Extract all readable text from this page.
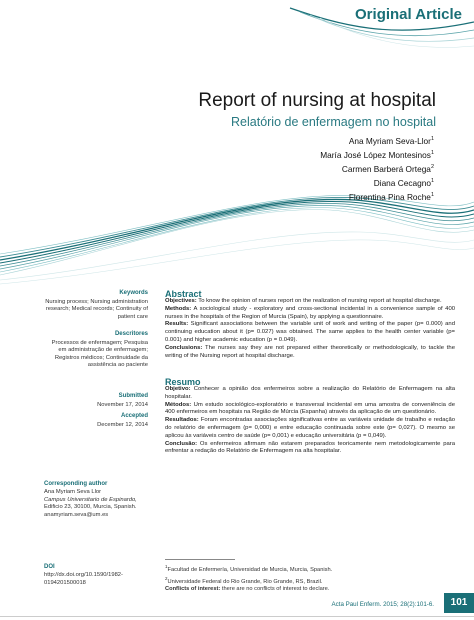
Original Article
Report of nursing at hospital
Relatório de enfermagem no hospital
Ana Myriam Seva-Llor$^1$
María José López Montesinos$^1$
Carmen Barberá Ortega$^2$
Diana Cecagno$^1$
Florentina Pina Roche$^1$
Keywords
Nursing process; Nursing administration
research; Medical records; Continuity of
patient care
Descritores
Processos de enfermagem; Pesquisa
em administração de enfermagem;
Registros médicos; Continuidade da
assistência ao paciente
Submitted
November 17, 2014
Accepted
December 12, 2014
Abstract
Objectives: To know the opinion of nurses report on the realization of nursing report at hospital discharge.
Methods: A sociological study - exploratory and cross-sectional incidental in a convenience sample of 400 nurses in the hospitals of the Region of Murcia (Spain), by applying a questionnaire.
Results: Significant associations between the variable unit of work and writing of the paper (p= 0.000) and continuing education about it (p= 0.027) was obtained. The same applies to the health center variable (p= 0.001) and higher academic education (p = 0.049).
Conclusions: The nurses say they are not prepared either theoretically or methodologically, to tackle the writing of the Nursing report at hospital discharge.
Resumo
Objetivo: Conhecer a opinião dos enfermeiros sobre a realização do Relatório de Enfermagem na alta hospitalar.
Métodos: Um estudo sociológico-exploratório e transversal incidental em uma amostra de conveniência de 400 enfermeiros em hospitais na Região de Múrcia (Espanha) através da aplicação de um questionário.
Resultados: Foram encontradas associações significativas entre as variáveis unidade de trabalho e redação do relatório de enfermagem (p= 0,000) e entre educação continuada sobre este (p= 0,027). O mesmo se aplicou às variáveis centro de saúde (p= 0,001) e educação universitária (p = 0,049).
Conclusão: Os enfermeiros afirmam não estarem preparados teoricamente nem metodologicamente para enfrentar a redação do Relatório de Enfermagem na alta hospitalar.
Corresponding author
Ana Myriam Seva Llor
Campus Universitario de Espinardo,
Edificio 23, 30100, Murcia, Spanish.
anamyriam.seva@um.es
DOI
http://dx.doi.org/10.1590/1982-
0194201500018
$^1$Facultad de Enfermería, Universidad de Murcia, Murcia, Spanish.
$^2$Universidade Federal do Rio Grande, Rio Grande, RS, Brazil.
Conflicts of interest: there are no conflicts of interest to declare.
Acta Paul Enferm. 2015; 28(2):101-6.	101
